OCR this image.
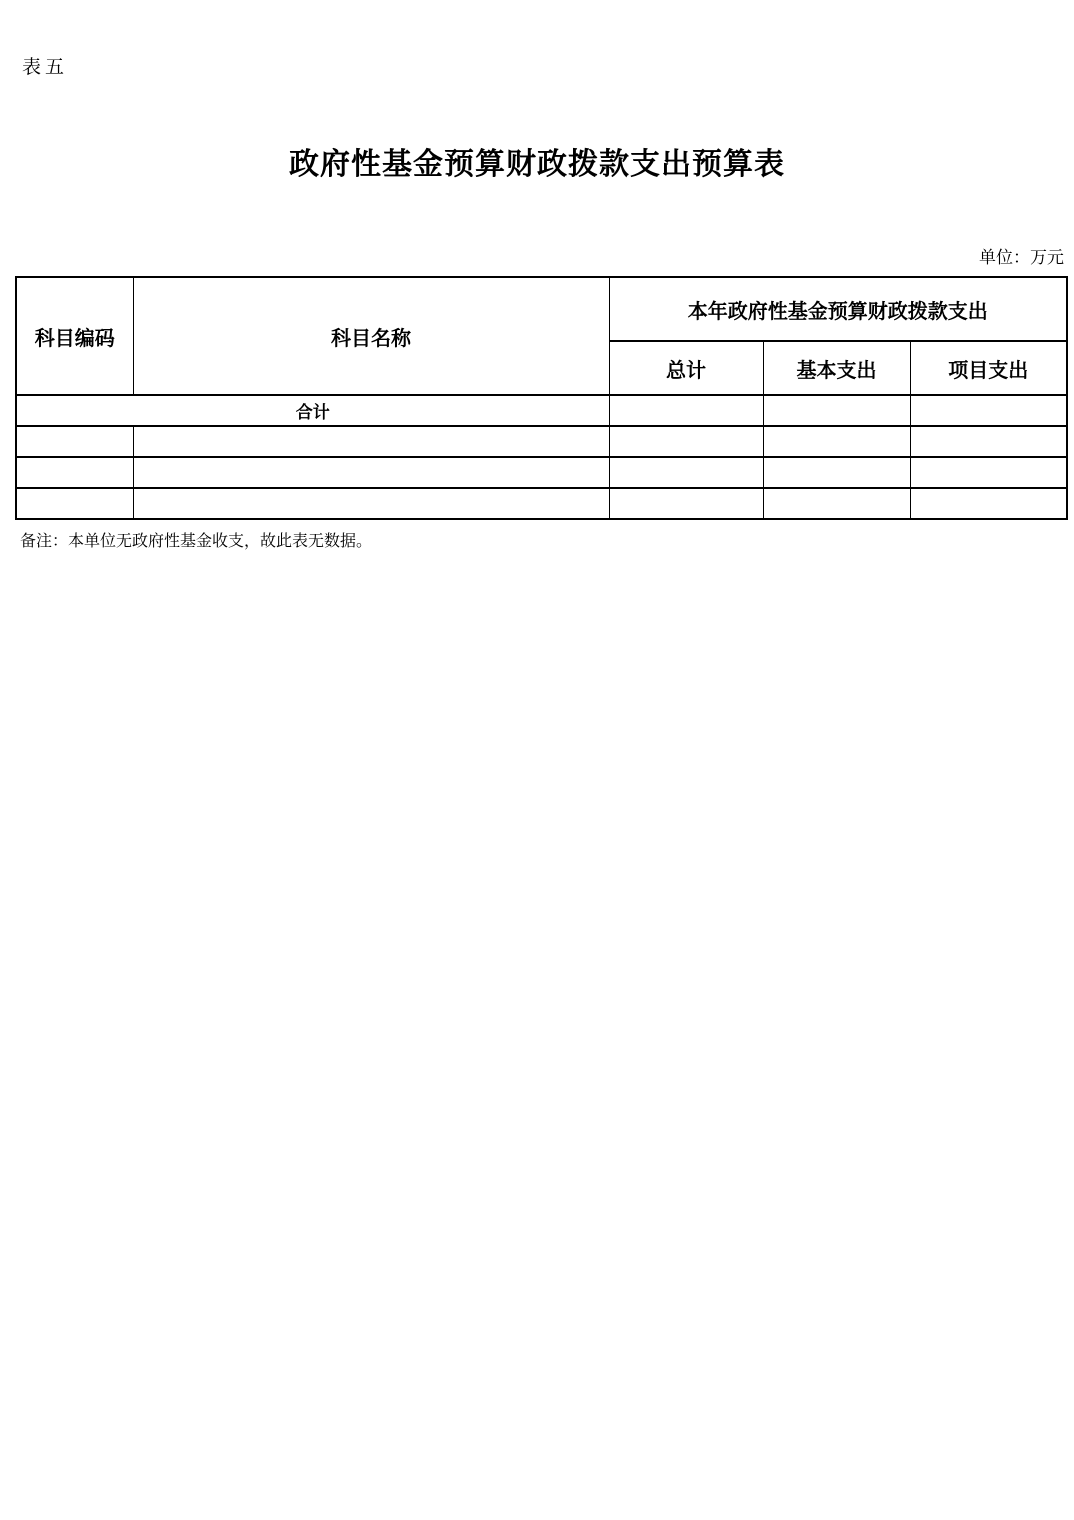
表五
政府性基金预算财政拨款支出预算表
单位：万元
科目编码	科目名称	本年政府性基金预算财政拨款支出		
		总计	基本支出	项目支出
合计				

备注：本单位无政府性基金收支，故此表无数据。
